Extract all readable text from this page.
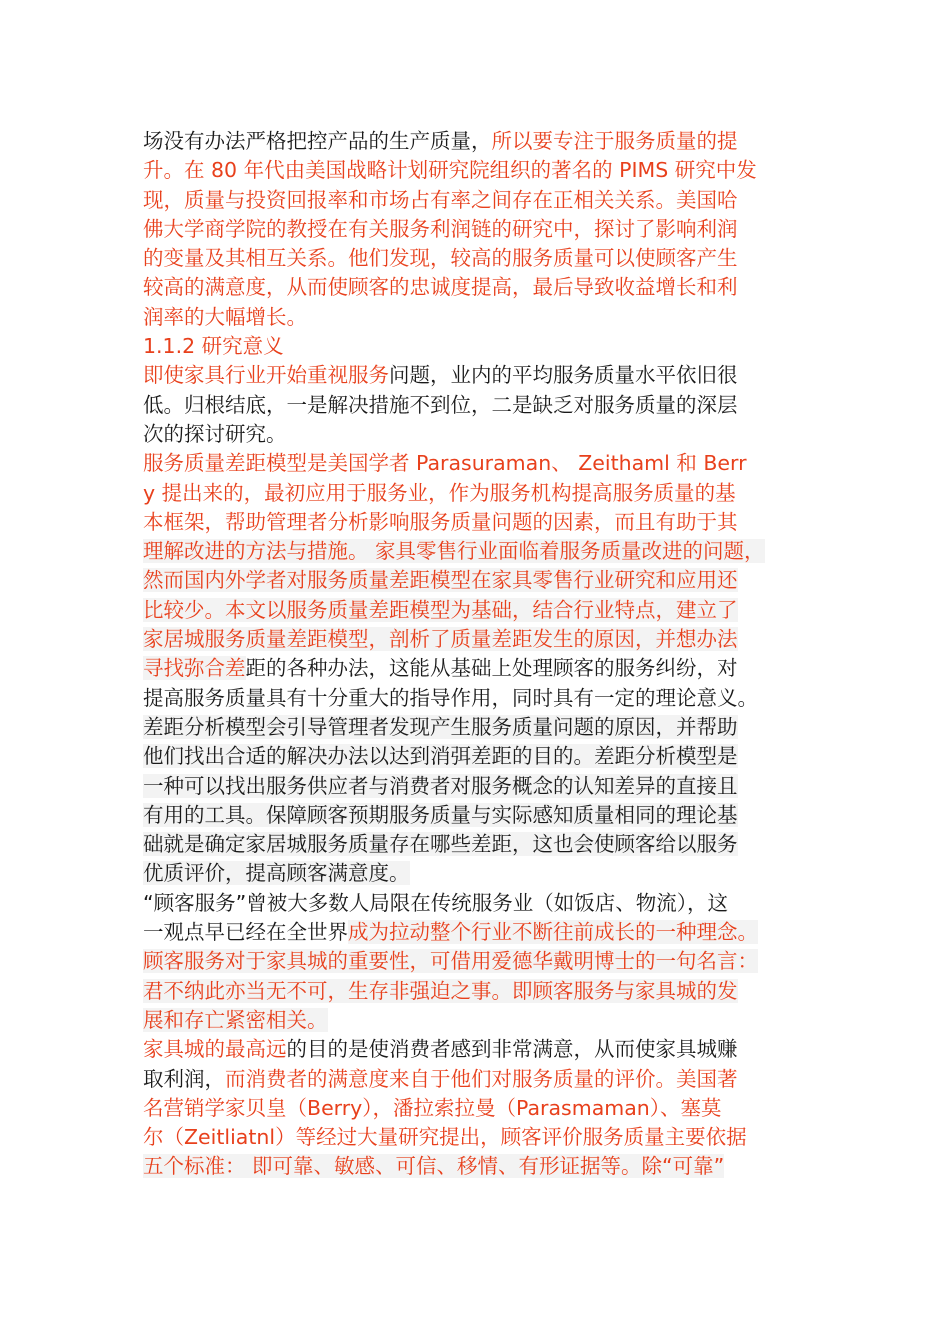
场没有办法严格把控产品的生产质量，所以要专注于服务质量的提
升。在 80 年代由美国战略计划研究院组织的著名的 PIMS 研究中发
现，质量与投资回报率和市场占有率之间存在正相关关系。美国哈
佛大学商学院的教授在有关服务利润链的研究中，探讨了影响利润
的变量及其相互关系。他们发现，较高的服务质量可以使顾客产生
较高的满意度，从而使顾客的忠诚度提高，最后导致收益增长和利
润率的大幅增长。
1.1.2 研究意义
即使家具行业开始重视服务问题，业内的平均服务质量水平依旧很
低。归根结底，一是解决措施不到位，二是缺乏对服务质量的深层
次的探讨研究。
服务质量差距模型是美国学者 Parasuraman、 Zeithaml 和 Berr
y 提出来的，最初应用于服务业，作为服务机构提高服务质量的基
本框架，帮助管理者分析影响服务质量问题的因素，而且有助于其
理解改进的方法与措施。 家具零售行业面临着服务质量改进的问题，
然而国内外学者对服务质量差距模型在家具零售行业研究和应用还
比较少。本文以服务质量差距模型为基础，结合行业特点，建立了
家居城服务质量差距模型，剖析了质量差距发生的原因，并想办法
寻找弥合差距的各种办法，这能从基础上处理顾客的服务纠纷，对
提高服务质量具有十分重大的指导作用，同时具有一定的理论意义。
差距分析模型会引导管理者发现产生服务质量问题的原因，并帮助
他们找出合适的解决办法以达到消弭差距的目的。差距分析模型是
一种可以找出服务供应者与消费者对服务概念的认知差异的直接且
有用的工具。保障顾客预期服务质量与实际感知质量相同的理论基
础就是确定家居城服务质量存在哪些差距，这也会使顾客给以服务
优质评价，提高顾客满意度。
“顾客服务”曾被大多数人局限在传统服务业（如饭店、物流），这
一观点早已经在全世界成为拉动整个行业不断往前成长的一种理念。
顾客服务对于家具城的重要性，可借用爱德华戴明博士的一句名言：
君不纳此亦当无不可，生存非强迫之事。即顾客服务与家具城的发
展和存亡紧密相关。
家具城的最高远的目的是使消费者感到非常满意，从而使家具城赚
取利润，而消费者的满意度来自于他们对服务质量的评价。美国著
名营销学家贝皇（Berry），潘拉索拉曼（Parasmaman）、塞莫
尔（Zeitliatnl）等经过大量研究提出，顾客评价服务质量主要依据
五个标准： 即可靠、敏感、可信、移情、有形证据等。除“可靠”
